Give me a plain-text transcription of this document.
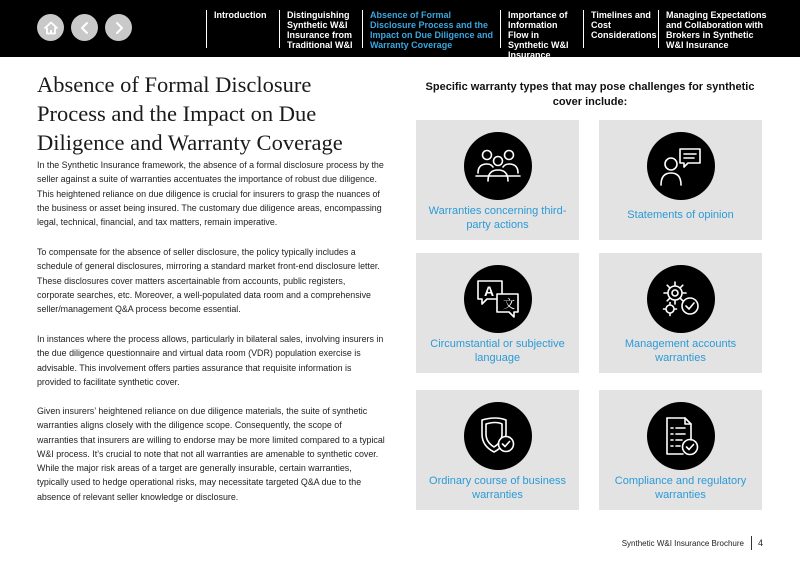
Introduction	Distinguishing Synthetic W&I Insurance from Traditional W&I
Absence of Formal Disclosure Process and the Impact on Due Diligence and Warranty Coverage
Importance of Information Flow in Synthetic W&I Insurance
Timelines and Cost Considerations
Managing Expectations and Collaboration with Brokers in Synthetic W&I Insurance
Absence of Formal Disclosure Process and the Impact on Due Diligence and Warranty Coverage

In the Synthetic Insurance framework, the absence of a formal disclosure process by the seller against a suite of warranties accentuates the importance of robust due diligence. This heightened reliance on due diligence is crucial for insurers to grasp the nuances of the business or asset being insured. The customary due diligence areas, encompassing legal, technical, financial, and tax matters, remain imperative.

To compensate for the absence of seller disclosure, the policy typically includes a schedule of general disclosures, mirroring a standard market front-end disclosure letter. These disclosures cover matters ascertainable from accounts, public registers, corporate searches, etc. Moreover, a well-populated data room and a comprehensive seller/management Q&A process become essential.

In instances where the process allows, particularly in bilateral sales, involving insurers in the due diligence questionnaire and virtual data room (VDR) population exercise is advisable. This involvement offers parties assurance that requisite information is provided to facilitate synthetic cover.

Given insurers’ heightened reliance on due diligence materials, the suite of synthetic warranties aligns closely with the diligence scope. Consequently, the scope of warranties that insurers are willing to endorse may be more limited compared to a typical W&I process. It’s crucial to note that not all warranties are amenable to synthetic cover. While the major risk areas of a target are generally insurable, certain warranties, typically used to hedge operational risks, may necessitate targeted Q&A due to the absence of relevant seller knowledge or disclosure.

Specific warranty types that may pose challenges for synthetic cover include:
Warranties concerning third-party actions
Statements of opinion
A
文
Circumstantial or subjective language
Management accounts warranties
Ordinary course of business warranties
Compliance and regulatory warranties
Synthetic W&I Insurance Brochure 4
